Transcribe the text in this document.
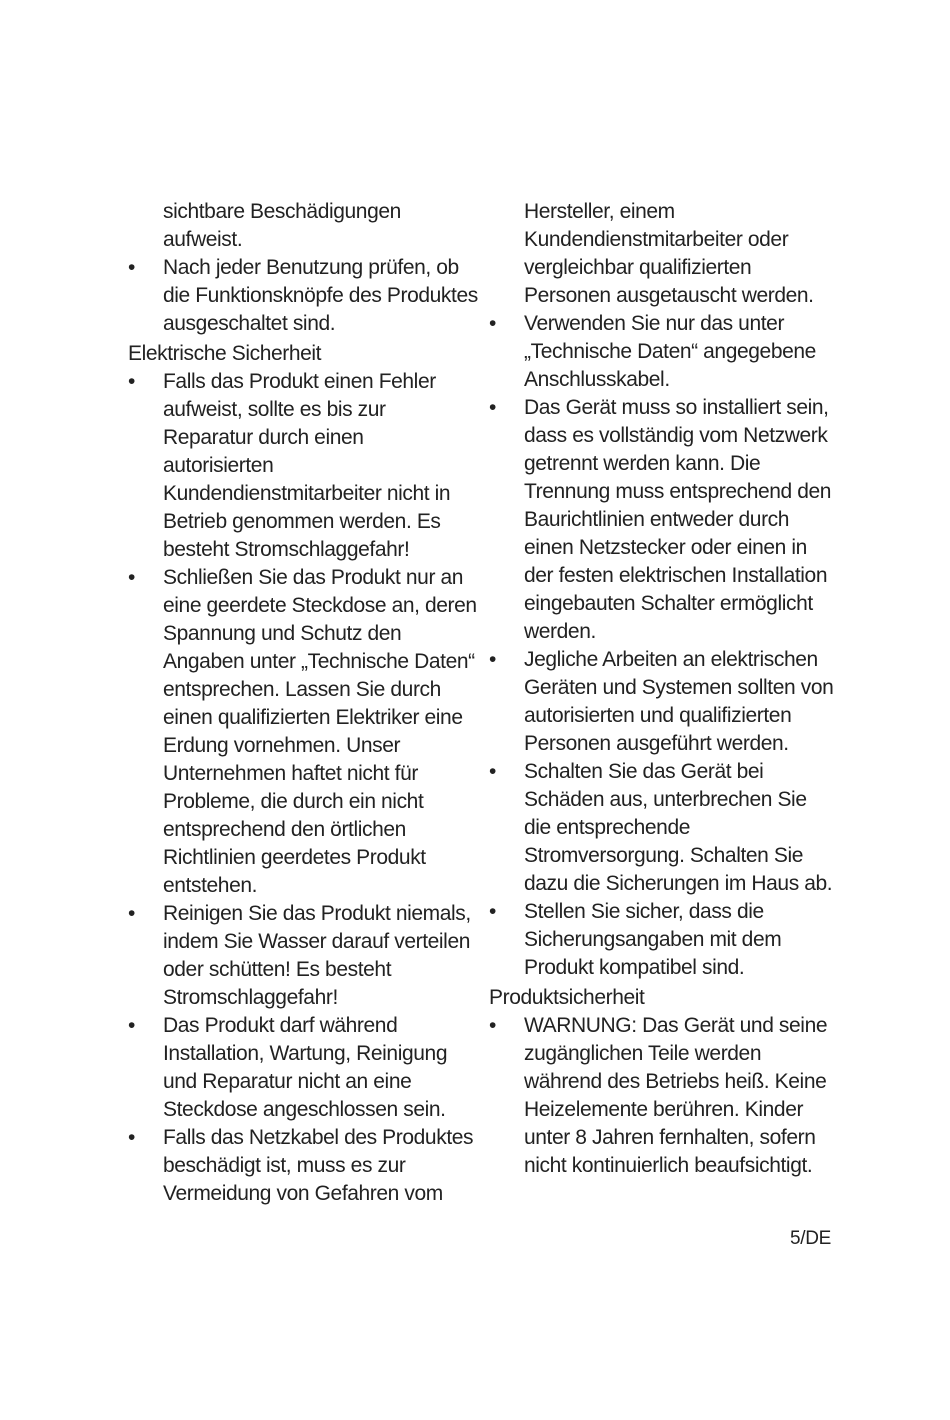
sichtbare Beschädigungen aufweist.
• Nach jeder Benutzung prüfen, ob die Funktionsknöpfe des Produktes ausgeschaltet sind.
Elektrische Sicherheit
• Falls das Produkt einen Fehler aufweist, sollte es bis zur Reparatur durch einen autorisierten Kundendienstmitarbeiter nicht in Betrieb genommen werden. Es besteht Stromschlaggefahr!
• Schließen Sie das Produkt nur an eine geerdete Steckdose an, deren Spannung und Schutz den Angaben unter „Technische Daten“ entsprechen. Lassen Sie durch einen qualifizierten Elektriker eine Erdung vornehmen. Unser Unternehmen haftet nicht für Probleme, die durch ein nicht entsprechend den örtlichen Richtlinien geerdetes Produkt entstehen.
• Reinigen Sie das Produkt niemals, indem Sie Wasser darauf verteilen oder schütten! Es besteht Stromschlaggefahr!
• Das Produkt darf während Installation, Wartung, Reinigung und Reparatur nicht an eine Steckdose angeschlossen sein.
• Falls das Netzkabel des Produktes beschädigt ist, muss es zur Vermeidung von Gefahren vom
Hersteller, einem Kundendienstmitarbeiter oder vergleichbar qualifizierten Personen ausgetauscht werden.
• Verwenden Sie nur das unter „Technische Daten“ angegebene Anschlusskabel.
• Das Gerät muss so installiert sein, dass es vollständig vom Netzwerk getrennt werden kann. Die Trennung muss entsprechend den Baurichtlinien entweder durch einen Netzstecker oder einen in der festen elektrischen Installation eingebauten Schalter ermöglicht werden.
• Jegliche Arbeiten an elektrischen Geräten und Systemen sollten von autorisierten und qualifizierten Personen ausgeführt werden.
• Schalten Sie das Gerät bei Schäden aus, unterbrechen Sie die entsprechende Stromversorgung. Schalten Sie dazu die Sicherungen im Haus ab.
• Stellen Sie sicher, dass die Sicherungsangaben mit dem Produkt kompatibel sind.
Produktsicherheit
• WARNUNG: Das Gerät und seine zugänglichen Teile werden während des Betriebs heiß. Keine Heizelemente berühren. Kinder unter 8 Jahren fernhalten, sofern nicht kontinuierlich beaufsichtigt.
5/DE
